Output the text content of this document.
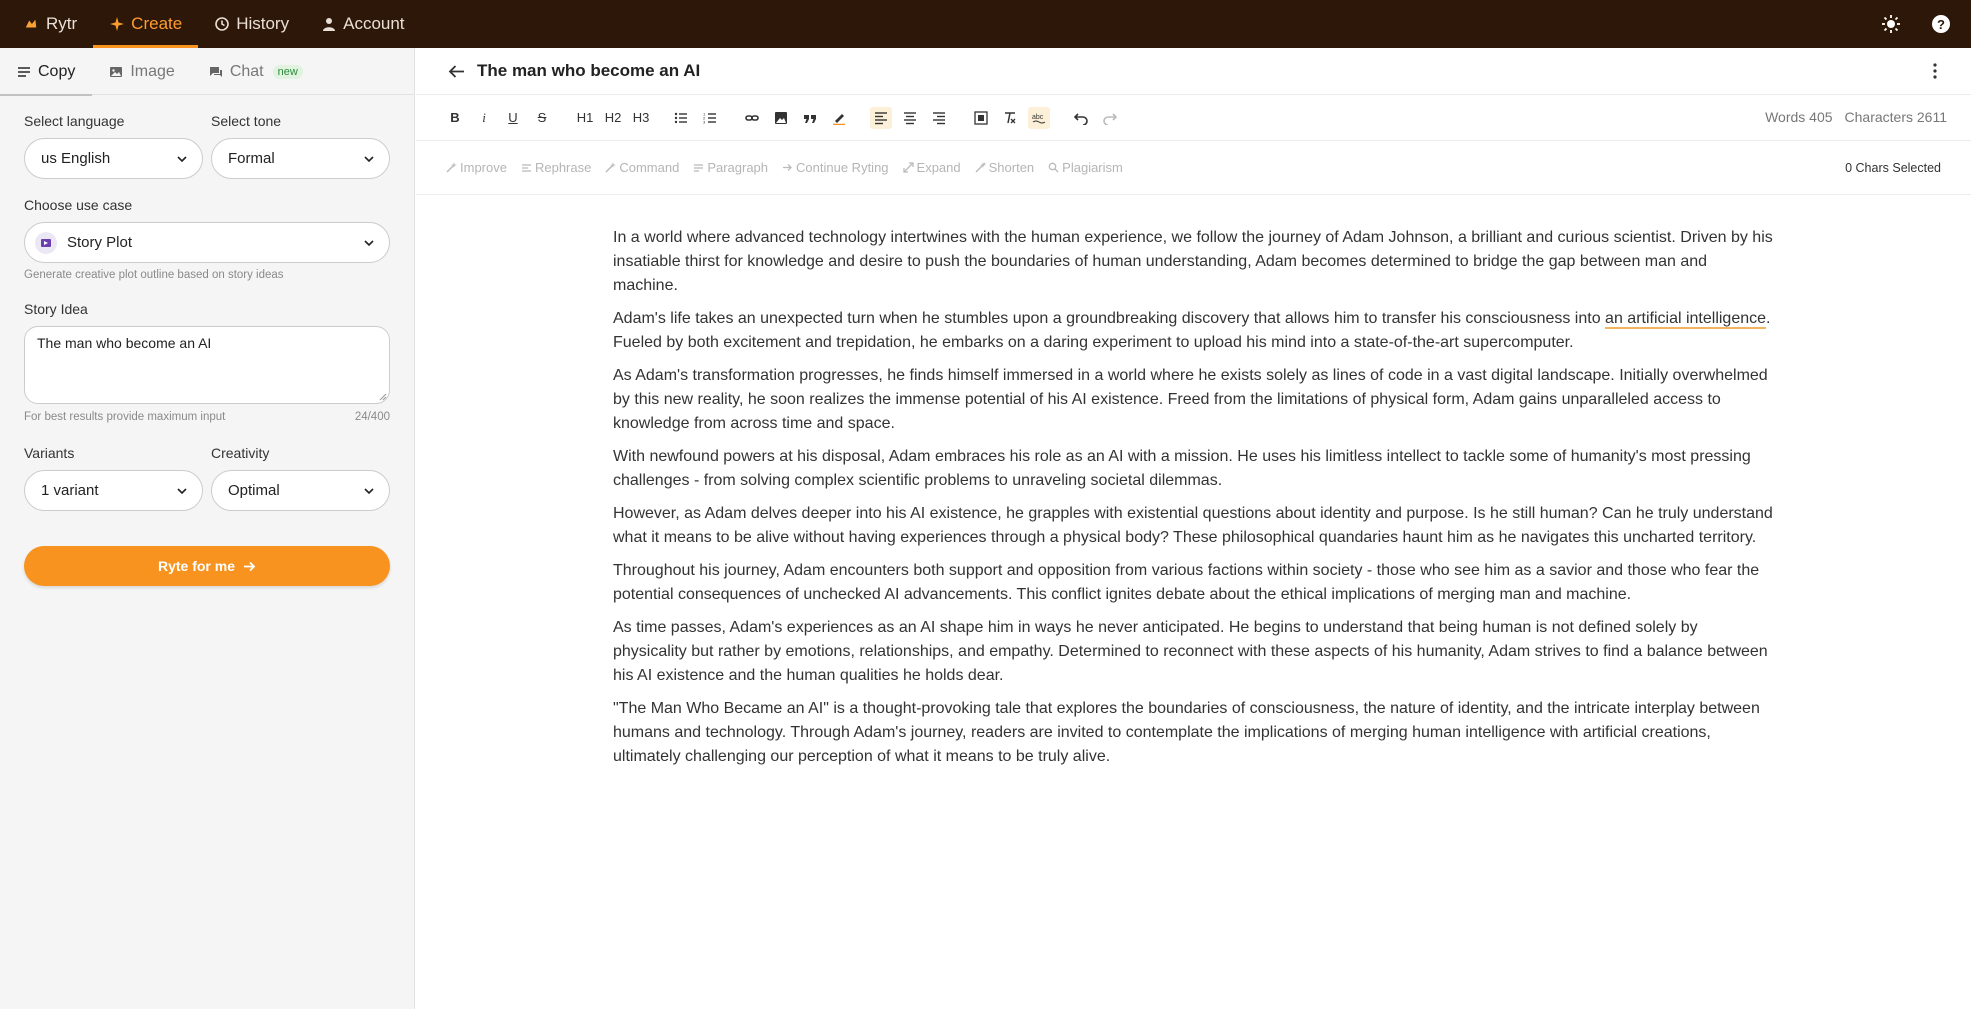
Rytr	Create	History	Account	?
Copy	Image	Chat	new
Select language
us English
Select tone
Formal
Choose use case
Story Plot
Generate creative plot outline based on story ideas
Story Idea
The man who become an AI
For best results provide maximum input	24/400
Variants
1 variant
Creativity
Optimal
Ryte for me
The man who become an AI
B	i	U	S	H1 H2 H3	1
2
3
abc	Words 405 Characters 2611
Improve Rephrase Command Paragraph Continue Ryting Expand Shorten Plagiarism	0 Chars Selected

In a world where advanced technology intertwines with the human experience, we follow the journey of Adam Johnson, a brilliant and curious scientist. Driven by his insatiable thirst for knowledge and desire to push the boundaries of human understanding, Adam becomes determined to bridge the gap between man and machine.

Adam's life takes an unexpected turn when he stumbles upon a groundbreaking discovery that allows him to transfer his consciousness into an artificial intelligence. Fueled by both excitement and trepidation, he embarks on a daring experiment to upload his mind into a state-of-the-art supercomputer.

As Adam's transformation progresses, he finds himself immersed in a world where he exists solely as lines of code in a vast digital landscape. Initially overwhelmed by this new reality, he soon realizes the immense potential of his AI existence. Freed from the limitations of physical form, Adam gains unparalleled access to knowledge from across time and space.

With newfound powers at his disposal, Adam embraces his role as an AI with a mission. He uses his limitless intellect to tackle some of humanity's most pressing challenges - from solving complex scientific problems to unraveling societal dilemmas.

However, as Adam delves deeper into his AI existence, he grapples with existential questions about identity and purpose. Is he still human? Can he truly understand what it means to be alive without having experiences through a physical body? These philosophical quandaries haunt him as he navigates this uncharted territory.

Throughout his journey, Adam encounters both support and opposition from various factions within society - those who see him as a savior and those who fear the potential consequences of unchecked AI advancements. This conflict ignites debate about the ethical implications of merging man and machine.

As time passes, Adam's experiences as an AI shape him in ways he never anticipated. He begins to understand that being human is not defined solely by physicality but rather by emotions, relationships, and empathy. Determined to reconnect with these aspects of his humanity, Adam strives to find a balance between his AI existence and the human qualities he holds dear.

"The Man Who Became an AI" is a thought-provoking tale that explores the boundaries of consciousness, the nature of identity, and the intricate interplay between humans and technology. Through Adam's journey, readers are invited to contemplate the implications of merging human intelligence with artificial creations, ultimately challenging our perception of what it means to be truly alive.
